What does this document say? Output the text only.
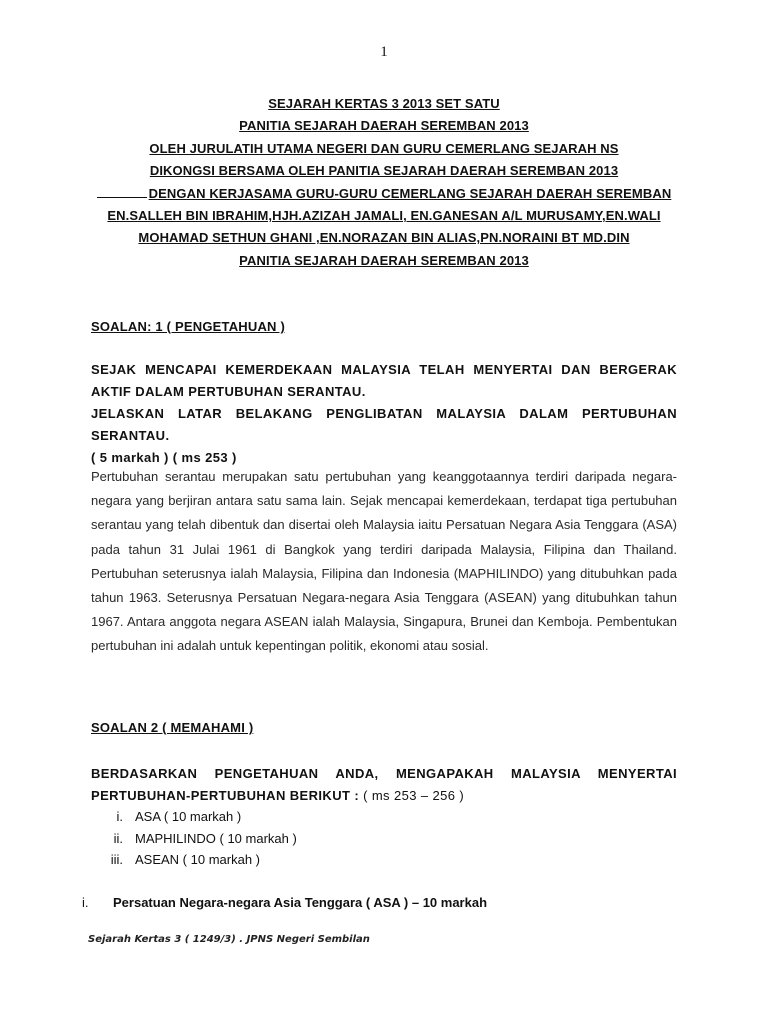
1
SEJARAH KERTAS 3 2013 SET SATU
PANITIA SEJARAH DAERAH SEREMBAN 2013
OLEH JURULATIH UTAMA NEGERI DAN GURU CEMERLANG SEJARAH NS
DIKONGSI BERSAMA OLEH PANITIA SEJARAH DAERAH SEREMBAN 2013
DENGAN KERJASAMA GURU-GURU CEMERLANG SEJARAH DAERAH SEREMBAN
EN.SALLEH BIN IBRAHIM,HJH.AZIZAH JAMALI, EN.GANESAN A/L MURUSAMY,EN.WALI
MOHAMAD SETHUN GHANI ,EN.NORAZAN BIN ALIAS,PN.NORAINI BT MD.DIN
PANITIA SEJARAH DAERAH SEREMBAN 2013
SOALAN: 1 ( PENGETAHUAN )
SEJAK MENCAPAI KEMERDEKAAN MALAYSIA TELAH MENYERTAI DAN BERGERAK AKTIF DALAM PERTUBUHAN SERANTAU.
JELASKAN LATAR BELAKANG PENGLIBATAN MALAYSIA DALAM PERTUBUHAN SERANTAU.
( 5 markah ) ( ms 253 )
Pertubuhan serantau merupakan satu pertubuhan yang keanggotaannya terdiri daripada negara-negara yang berjiran antara satu sama lain. Sejak mencapai kemerdekaan, terdapat tiga pertubuhan serantau yang telah dibentuk dan disertai oleh Malaysia iaitu Persatuan Negara Asia Tenggara (ASA) pada tahun 31 Julai 1961 di Bangkok yang terdiri daripada Malaysia, Filipina dan Thailand. Pertubuhan seterusnya ialah Malaysia, Filipina dan Indonesia (MAPHILINDO) yang ditubuhkan pada tahun 1963. Seterusnya Persatuan Negara-negara Asia Tenggara (ASEAN) yang ditubuhkan tahun 1967. Antara anggota negara ASEAN ialah Malaysia, Singapura, Brunei dan Kemboja. Pembentukan pertubuhan ini adalah untuk kepentingan politik, ekonomi atau sosial.
SOALAN 2 ( MEMAHAMI )
BERDASARKAN PENGETAHUAN ANDA, MENGAPAKAH MALAYSIA MENYERTAI PERTUBUHAN-PERTUBUHAN BERIKUT : ( ms 253 – 256 )
i. ASA ( 10 markah )
ii. MAPHILINDO ( 10 markah )
iii. ASEAN ( 10 markah )
i.	Persatuan Negara-negara Asia Tenggara ( ASA ) – 10 markah
Sejarah Kertas 3 ( 1249/3) . JPNS Negeri Sembilan
